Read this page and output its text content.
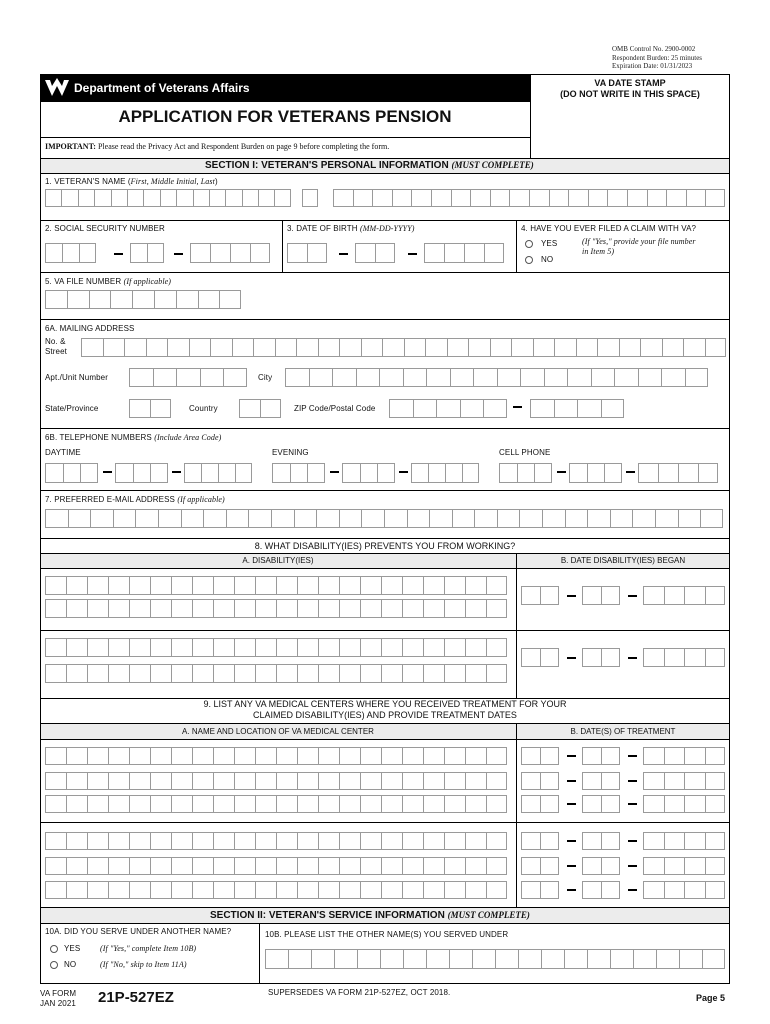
OMB Control No. 2900-0002
Respondent Burden: 25 minutes
Expiration Date: 01/31/2023
Department of Veterans Affairs	VA DATE STAMP
(DO NOT WRITE IN THIS SPACE)
APPLICATION FOR VETERANS PENSION
IMPORTANT: Please read the Privacy Act and Respondent Burden on page 9 before completing the form.
SECTION I: VETERAN'S PERSONAL INFORMATION (MUST COMPLETE)
1. VETERAN'S NAME (First, Middle Initial, Last)
2. SOCIAL SECURITY NUMBER	3. DATE OF BIRTH (MM-DD-YYYY)	4. HAVE YOU EVER FILED A CLAIM WITH VA?
YES
NO
(If "Yes," provide your file number
in Item 5)
5. VA FILE NUMBER (If applicable)
6A. MAILING ADDRESS
No. &
Street
Apt./Unit Number	City
State/Province	Country	ZIP Code/Postal Code
6B. TELEPHONE NUMBERS (Include Area Code)
DAYTIME	EVENING	CELL PHONE
7. PREFERRED E-MAIL ADDRESS (If applicable)
8. WHAT DISABILITY(IES) PREVENTS YOU FROM WORKING?
A. DISABILITY(IES)	B. DATE DISABILITY(IES) BEGAN
9. LIST ANY VA MEDICAL CENTERS WHERE YOU RECEIVED TREATMENT FOR YOUR
CLAIMED DISABILITY(IES) AND PROVIDE TREATMENT DATES
A. NAME AND LOCATION OF VA MEDICAL CENTER	B. DATE(S) OF TREATMENT
SECTION II: VETERAN'S SERVICE INFORMATION (MUST COMPLETE)
10A. DID YOU SERVE UNDER ANOTHER NAME?
YES (If "Yes," complete Item 10B)
NO	(If "No," skip to Item 11A)
10B. PLEASE LIST THE OTHER NAME(S) YOU SERVED UNDER
VA FORM
JAN 2021 21P-527EZ	SUPERSEDES VA FORM 21P-527EZ, OCT 2018.
Page 5
